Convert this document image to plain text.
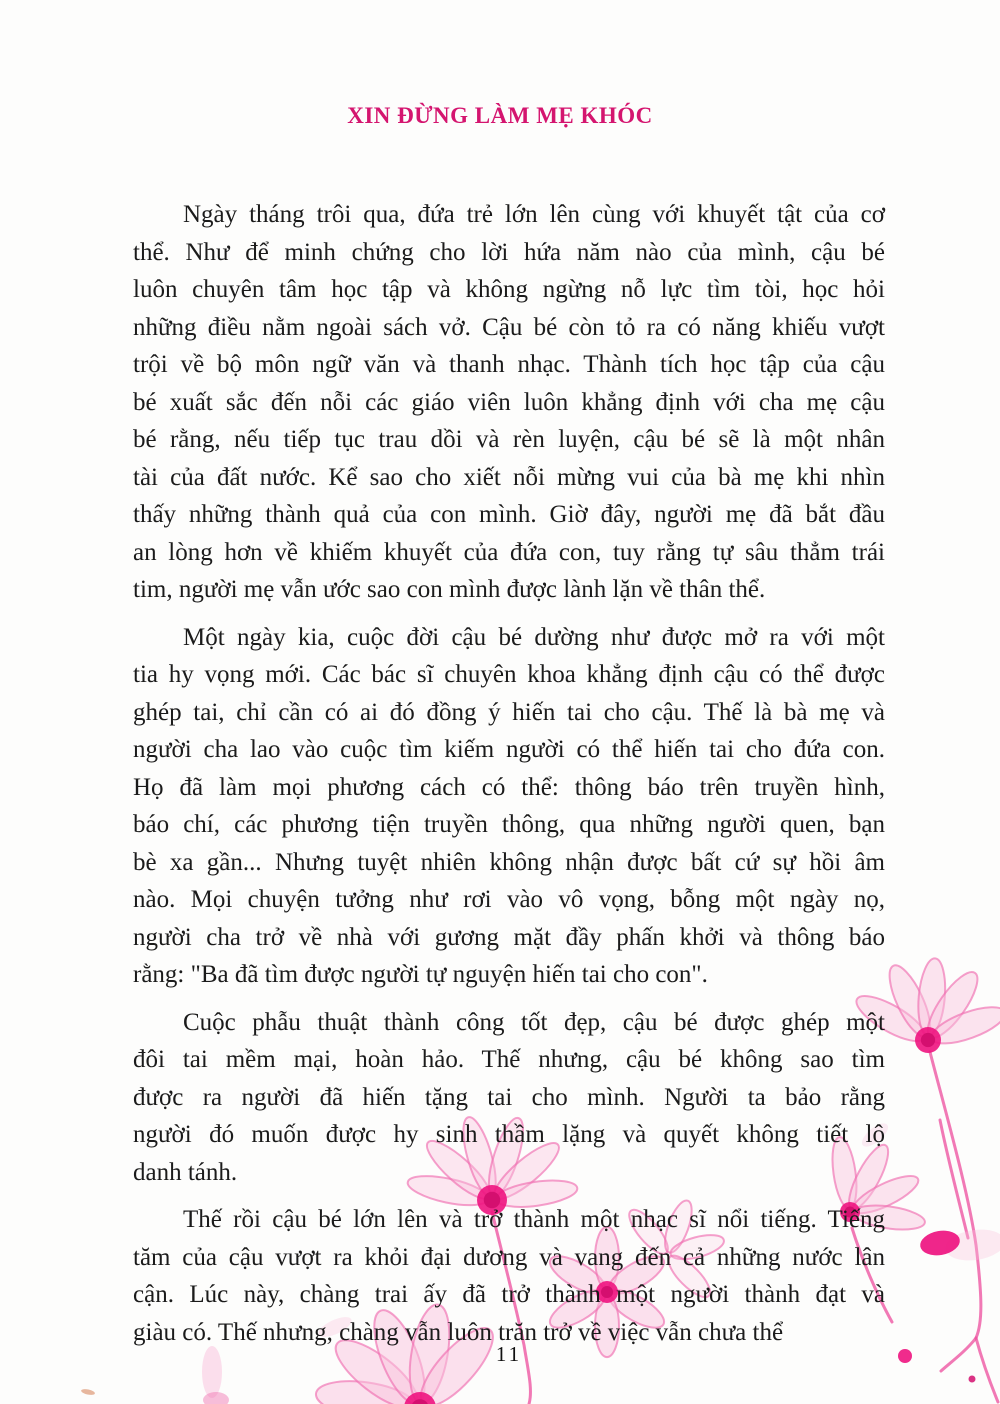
XIN ĐỪNG LÀM MẸ KHÓC
Ngày tháng trôi qua, đứa trẻ lớn lên cùng với khuyết tật của cơ
thể. Như để minh chứng cho lời hứa năm nào của mình, cậu bé
luôn chuyên tâm học tập và không ngừng nỗ lực tìm tòi, học hỏi
những điều nằm ngoài sách vở. Cậu bé còn tỏ ra có năng khiếu vượt
trội về bộ môn ngữ văn và thanh nhạc. Thành tích học tập của cậu
bé xuất sắc đến nỗi các giáo viên luôn khẳng định với cha mẹ cậu
bé rằng, nếu tiếp tục trau dồi và rèn luyện, cậu bé sẽ là một nhân
tài của đất nước. Kể sao cho xiết nỗi mừng vui của bà mẹ khi nhìn
thấy những thành quả của con mình. Giờ đây, người mẹ đã bắt đầu
an lòng hơn về khiếm khuyết của đứa con, tuy rằng tự sâu thẳm trái
tim, người mẹ vẫn ước sao con mình được lành lặn về thân thể.
Một ngày kia, cuộc đời cậu bé dường như được mở ra với một
tia hy vọng mới. Các bác sĩ chuyên khoa khẳng định cậu có thể được
ghép tai, chỉ cần có ai đó đồng ý hiến tai cho cậu. Thế là bà mẹ và
người cha lao vào cuộc tìm kiếm người có thể hiến tai cho đứa con.
Họ đã làm mọi phương cách có thể: thông báo trên truyền hình,
báo chí, các phương tiện truyền thông, qua những người quen, bạn
bè xa gần... Nhưng tuyệt nhiên không nhận được bất cứ sự hồi âm
nào. Mọi chuyện tưởng như rơi vào vô vọng, bỗng một ngày nọ,
người cha trở về nhà với gương mặt đầy phấn khởi và thông báo
rằng: "Ba đã tìm được người tự nguyện hiến tai cho con".
Cuộc phẫu thuật thành công tốt đẹp, cậu bé được ghép một
đôi tai mềm mại, hoàn hảo. Thế nhưng, cậu bé không sao tìm
được ra người đã hiến tặng tai cho mình. Người ta bảo rằng
người đó muốn được hy sinh thầm lặng và quyết không tiết lộ
danh tánh.
Thế rồi cậu bé lớn lên và trở thành một nhạc sĩ nổi tiếng. Tiếng
tăm của cậu vượt ra khỏi đại dương và vang đến cả những nước lân
cận. Lúc này, chàng trai ấy đã trở thành một người thành đạt và
giàu có. Thế nhưng, chàng vẫn luôn trăn trở về việc vẫn chưa thể
11
